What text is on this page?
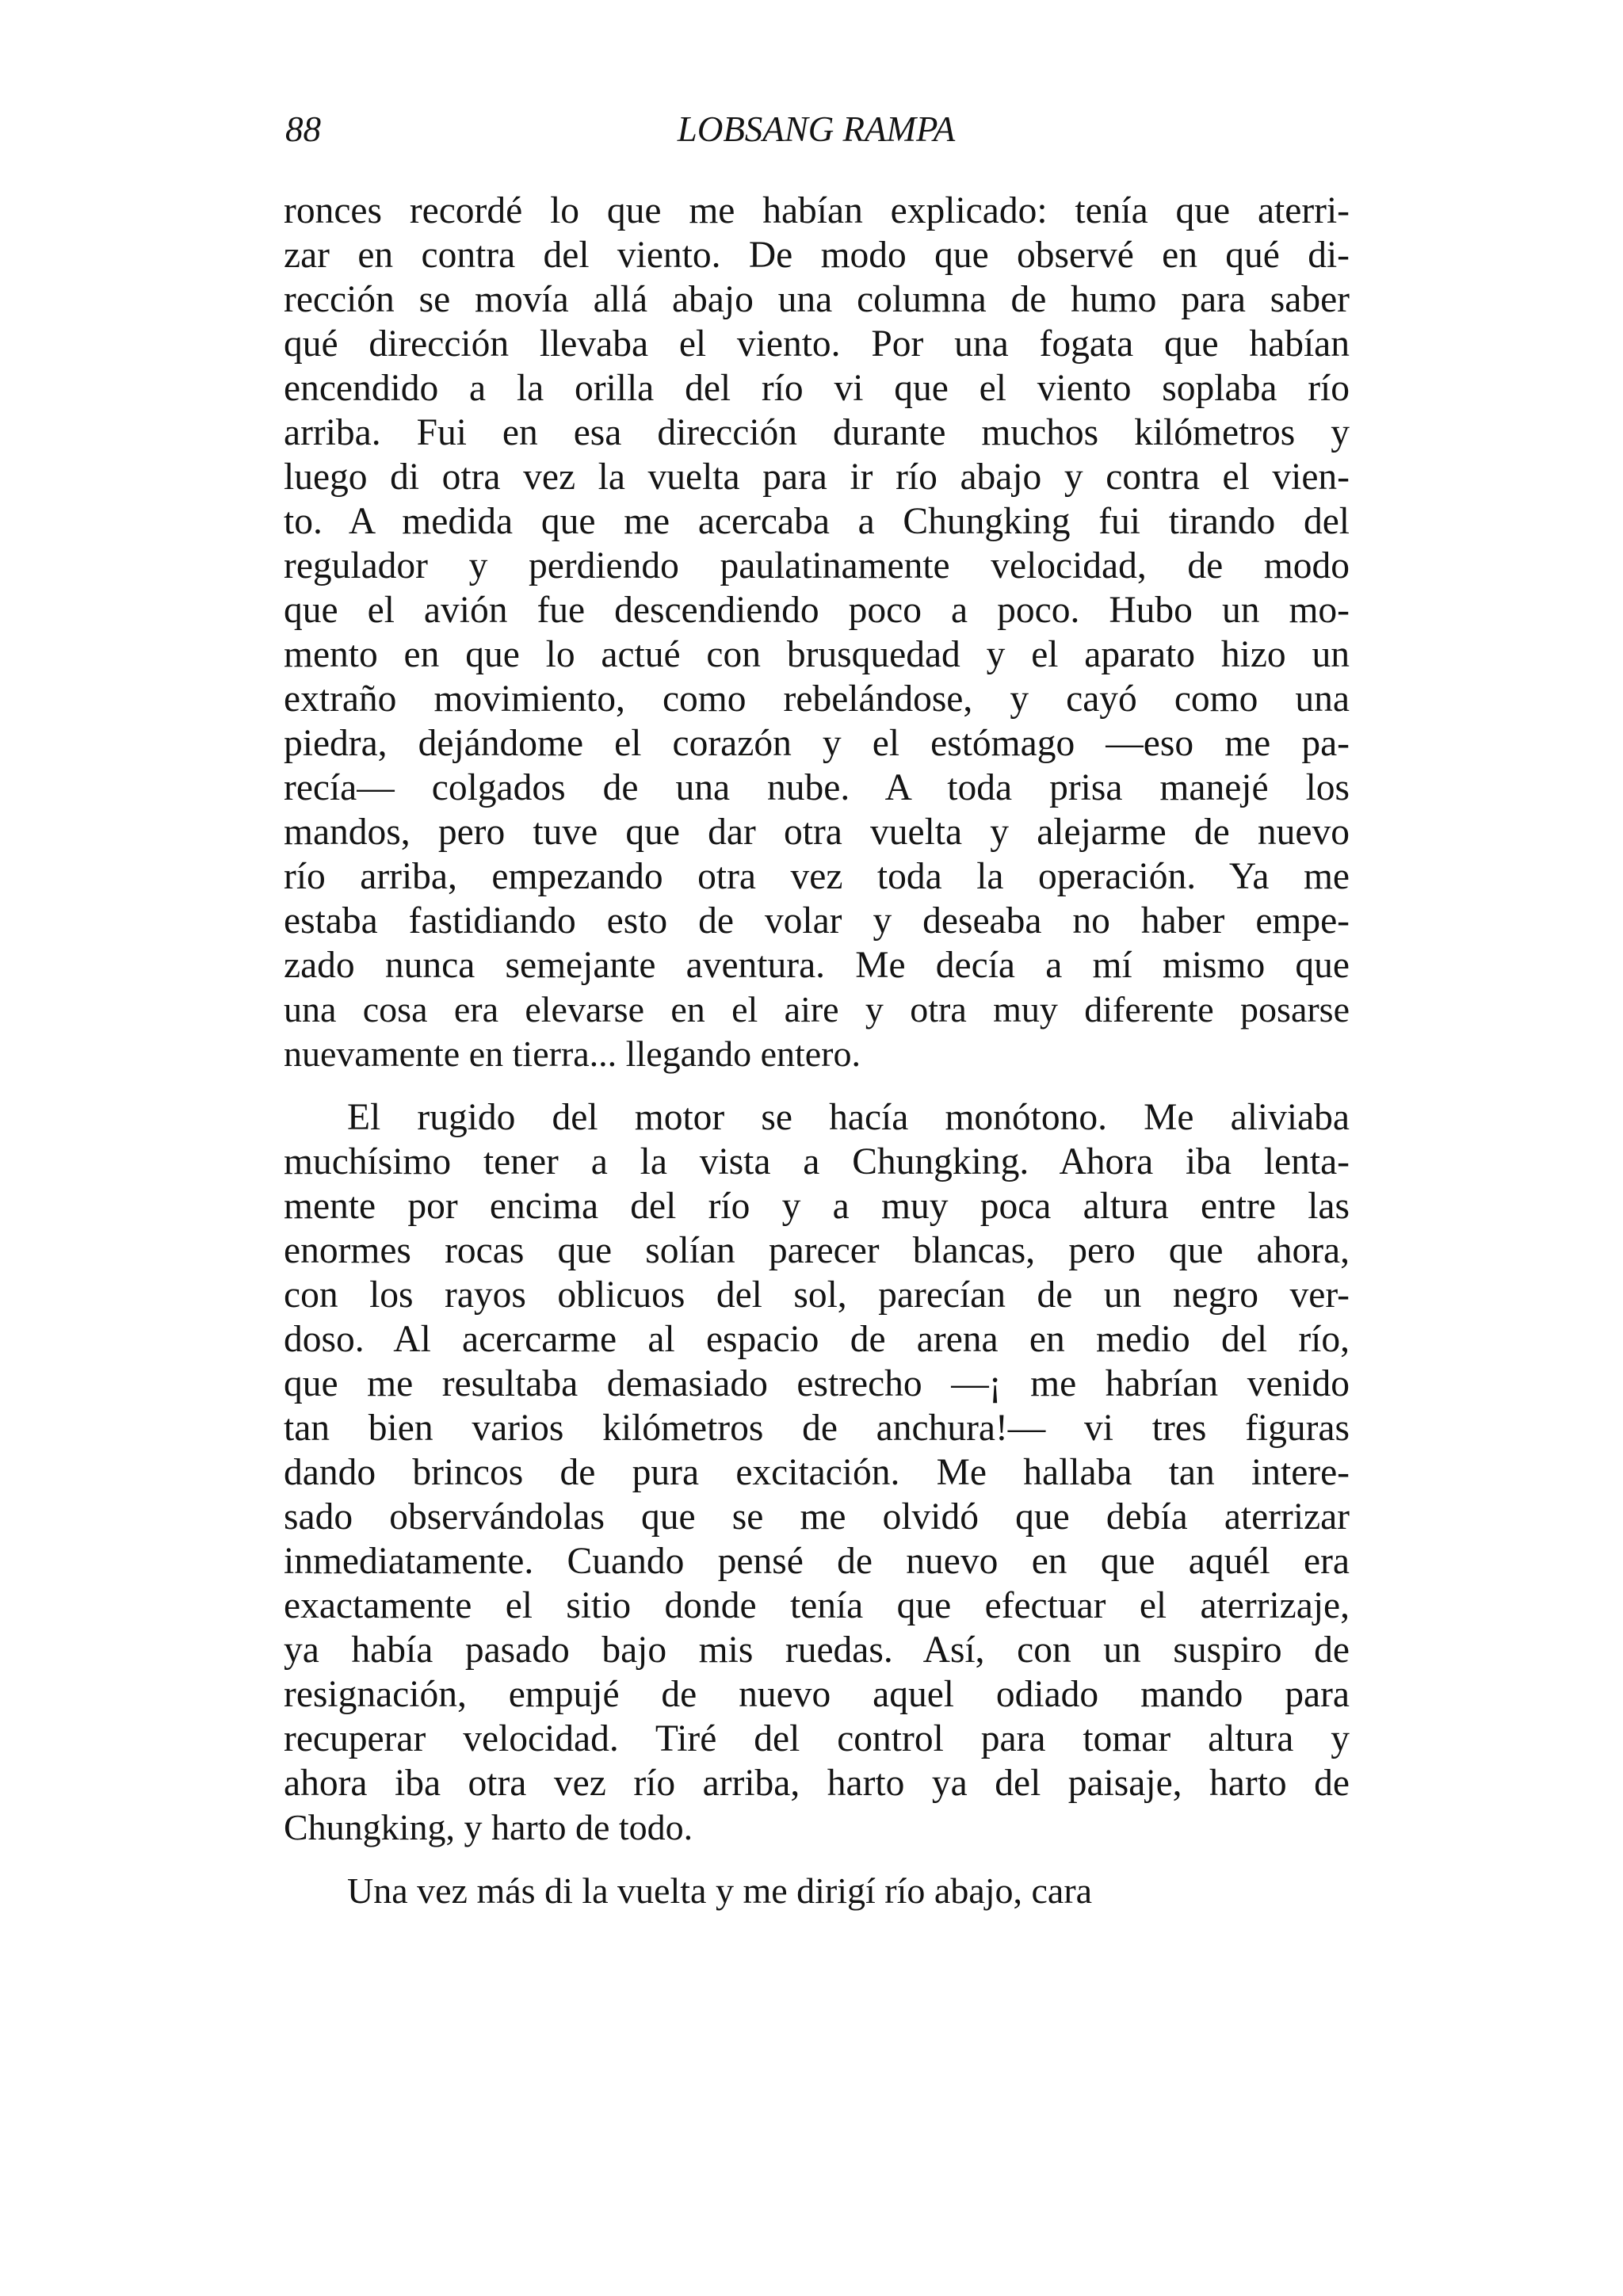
88	LOBSANG RAMPA
ronces recordé lo que me habían explicado: tenía que aterri-
zar en contra del viento. De modo que observé en qué di-
rección se movía allá abajo una columna de humo para saber
qué dirección llevaba el viento. Por una fogata que habían
encendido a la orilla del río vi que el viento soplaba río
arriba. Fui en esa dirección durante muchos kilómetros y
luego di otra vez la vuelta para ir río abajo y contra el vien-
to. A medida que me acercaba a Chungking fui tirando del
regulador y perdiendo paulatinamente velocidad, de modo
que el avión fue descendiendo poco a poco. Hubo un mo-
mento en que lo actué con brusquedad y el aparato hizo un
extraño movimiento, como rebelándose, y cayó como una
piedra, dejándome el corazón y el estómago —eso me pa-
recía— colgados de una nube. A toda prisa manejé los
mandos, pero tuve que dar otra vuelta y alejarme de nuevo
río arriba, empezando otra vez toda la operación. Ya me
estaba fastidiando esto de volar y deseaba no haber empe-
zado nunca semejante aventura. Me decía a mí mismo que
una cosa era elevarse en el aire y otra muy diferente posarse
nuevamente en tierra... llegando entero.
El rugido del motor se hacía monótono. Me aliviaba
muchísimo tener a la vista a Chungking. Ahora iba lenta-
mente por encima del río y a muy poca altura entre las
enormes rocas que solían parecer blancas, pero que ahora,
con los rayos oblicuos del sol, parecían de un negro ver-
doso. Al acercarme al espacio de arena en medio del río,
que me resultaba demasiado estrecho —¡ me habrían venido
tan bien varios kilómetros de anchura!— vi tres figuras
dando brincos de pura excitación. Me hallaba tan intere-
sado observándolas que se me olvidó que debía aterrizar
inmediatamente. Cuando pensé de nuevo en que aquél era
exactamente el sitio donde tenía que efectuar el aterrizaje,
ya había pasado bajo mis ruedas. Así, con un suspiro de
resignación, empujé de nuevo aquel odiado mando para
recuperar velocidad. Tiré del control para tomar altura y
ahora iba otra vez río arriba, harto ya del paisaje, harto de
Chungking, y harto de todo.
Una vez más di la vuelta y me dirigí río abajo, cara
